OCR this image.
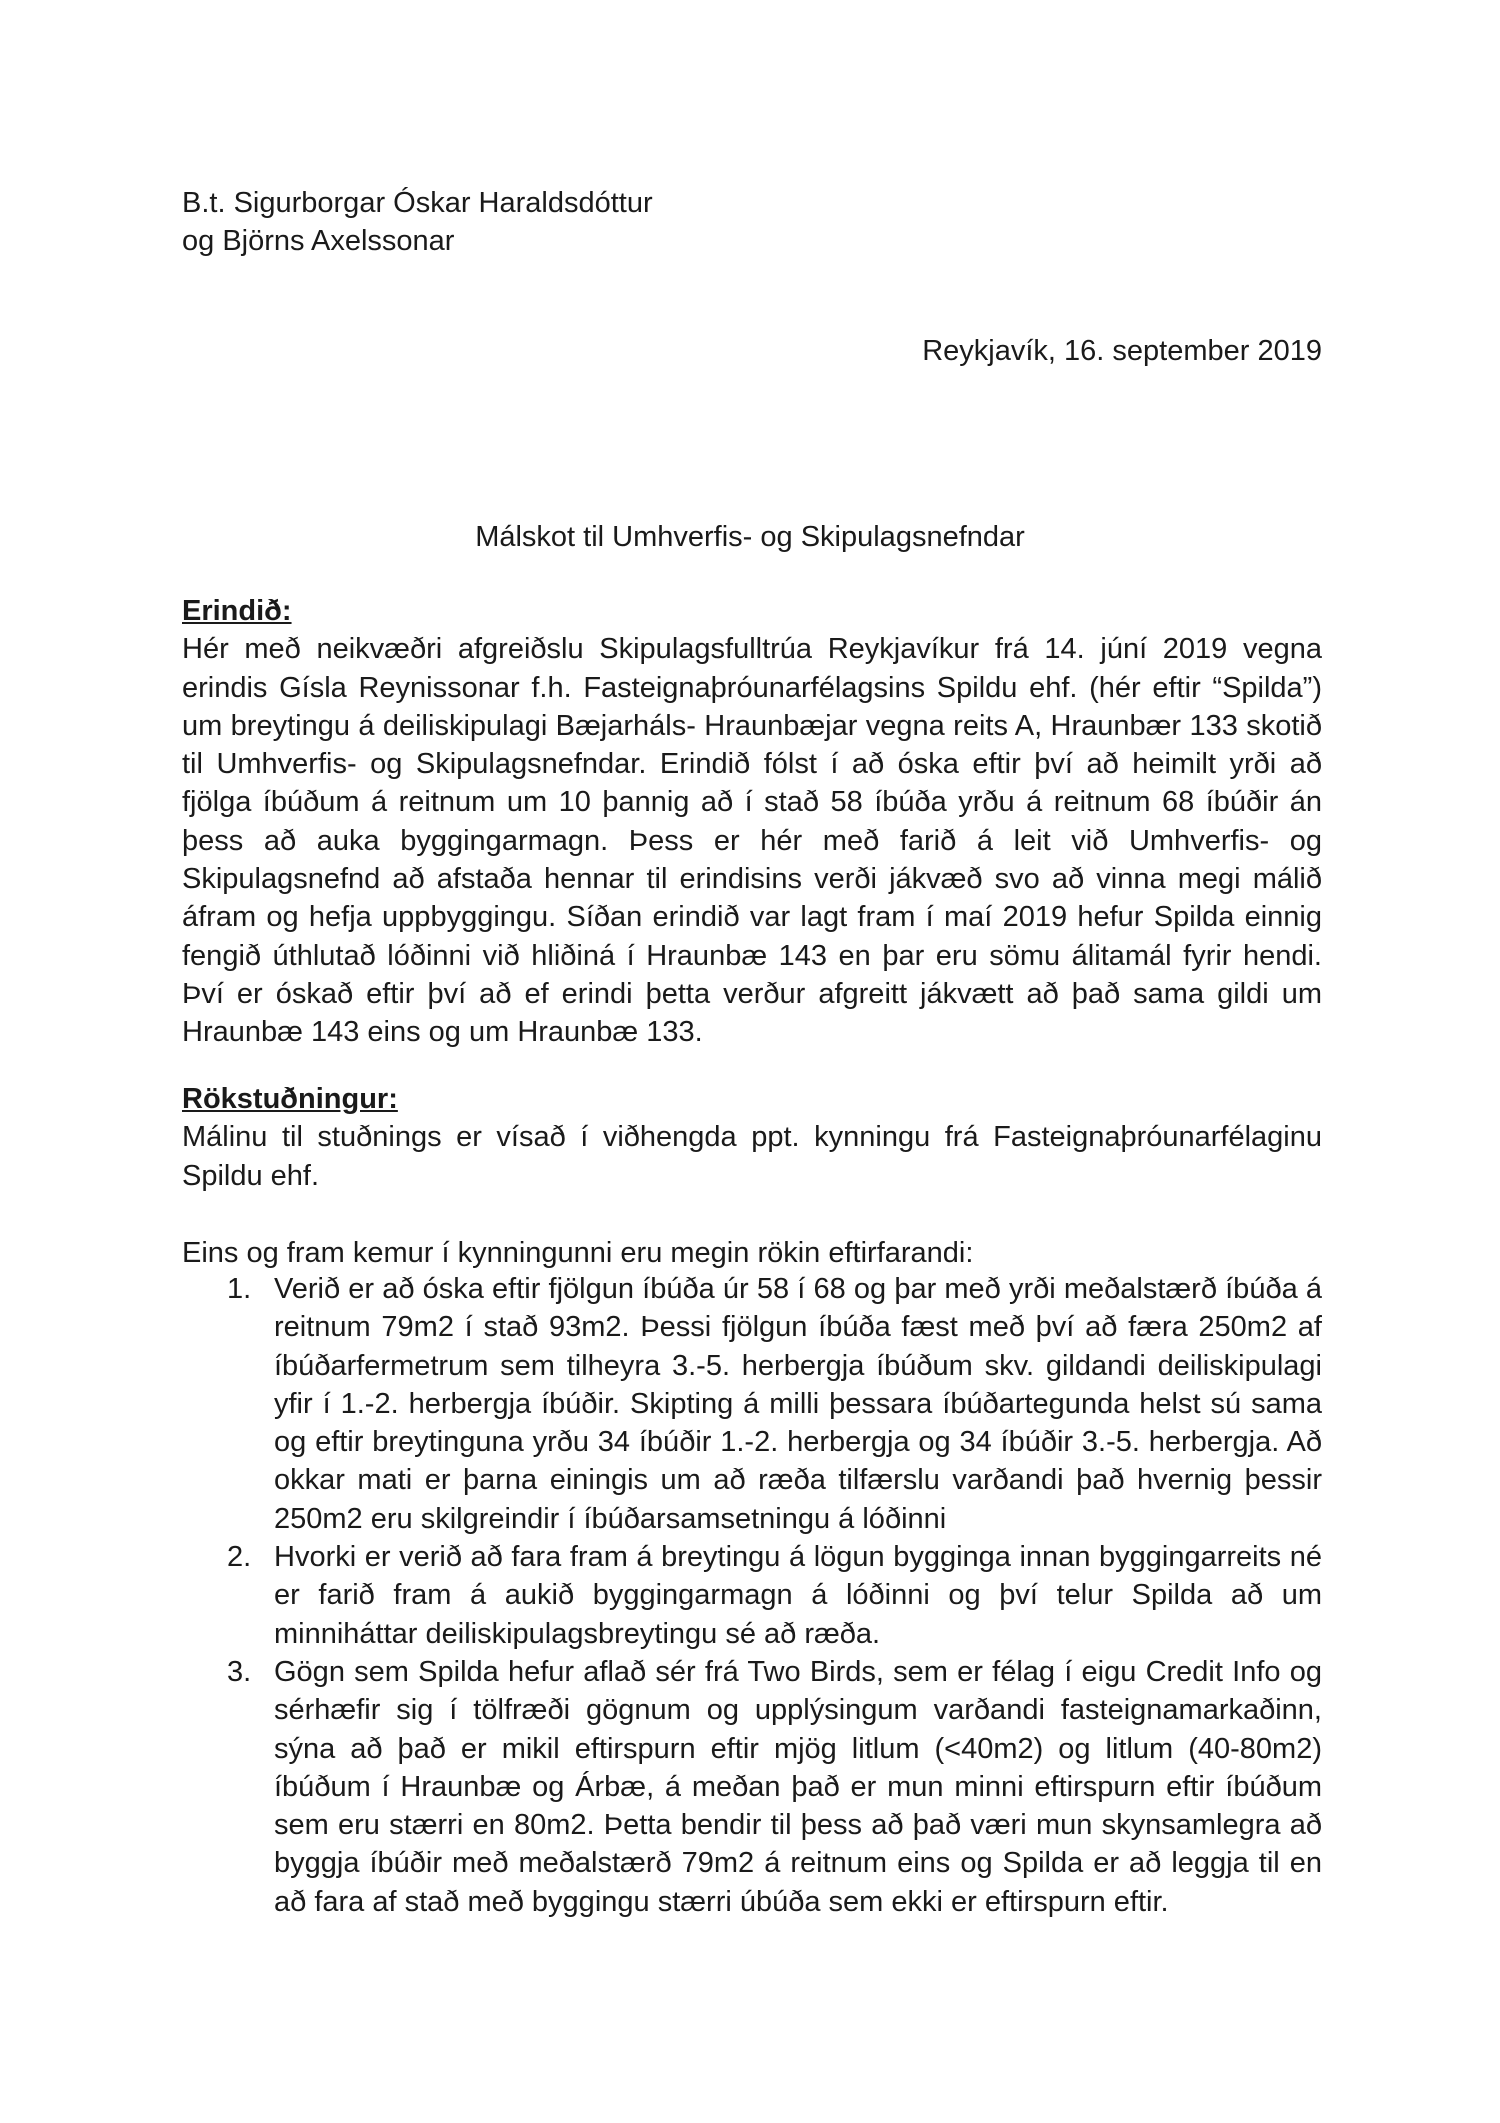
B.t. Sigurborgar Óskar Haraldsdóttur
og Björns Axelssonar
Reykjavík, 16. september 2019
Málskot til Umhverfis- og Skipulagsnefndar
Erindið:

Hér með neikvæðri afgreiðslu Skipulagsfulltrúa Reykjavíkur frá 14. júní 2019 vegna erindis Gísla Reynissonar f.h. Fasteignaþróunarfélagsins Spildu ehf. (hér eftir “Spilda”) um breytingu á deiliskipulagi Bæjarháls- Hraunbæjar vegna reits A, Hraunbær 133 skotið til Umhverfis- og Skipulagsnefndar. Erindið fólst í að óska eftir því að heimilt yrði að fjölga íbúðum á reitnum um 10 þannig að í stað 58 íbúða yrðu á reitnum 68 íbúðir án þess að auka byggingarmagn. Þess er hér með farið á leit við Umhverfis- og Skipulagsnefnd að afstaða hennar til erindisins verði jákvæð svo að vinna megi málið áfram og hefja uppbyggingu. Síðan erindið var lagt fram í maí 2019 hefur Spilda einnig fengið úthlutað lóðinni við hliðiná í Hraunbæ 143 en þar eru sömu álitamál fyrir hendi. Því er óskað eftir því að ef erindi þetta verður afgreitt jákvætt að það sama gildi um Hraunbæ 143 eins og um Hraunbæ 133.

Rökstuðningur:

Málinu til stuðnings er vísað í viðhengda ppt. kynningu frá Fasteignaþróunarfélaginu Spildu ehf.

Eins og fram kemur í kynningunni eru megin rökin eftirfarandi:
1. Verið er að óska eftir fjölgun íbúða úr 58 í 68 og þar með yrði meðalstærð íbúða á reitnum 79m2 í stað 93m2. Þessi fjölgun íbúða fæst með því að færa 250m2 af íbúðarfermetrum sem tilheyra 3.-5. herbergja íbúðum skv. gildandi deiliskipulagi yfir í 1.-2. herbergja íbúðir. Skipting á milli þessara íbúðartegunda helst sú sama og eftir breytinguna yrðu 34 íbúðir 1.-2. herbergja og 34 íbúðir 3.-5. herbergja. Að okkar mati er þarna einingis um að ræða tilfærslu varðandi það hvernig þessir 250m2 eru skilgreindir í íbúðarsamsetningu á lóðinni
2. Hvorki er verið að fara fram á breytingu á lögun bygginga innan byggingarreits né er farið fram á aukið byggingarmagn á lóðinni og því telur Spilda að um minniháttar deiliskipulagsbreytingu sé að ræða.
3. Gögn sem Spilda hefur aflað sér frá Two Birds, sem er félag í eigu Credit Info og sérhæfir sig í tölfræði gögnum og upplýsingum varðandi fasteignamarkaðinn, sýna að það er mikil eftirspurn eftir mjög litlum (<40m2) og litlum (40-80m2) íbúðum í Hraunbæ og Árbæ, á meðan það er mun minni eftirspurn eftir íbúðum sem eru stærri en 80m2. Þetta bendir til þess að það væri mun skynsamlegra að byggja íbúðir með meðalstærð 79m2 á reitnum eins og Spilda er að leggja til en að fara af stað með byggingu stærri úbúða sem ekki er eftirspurn eftir.
